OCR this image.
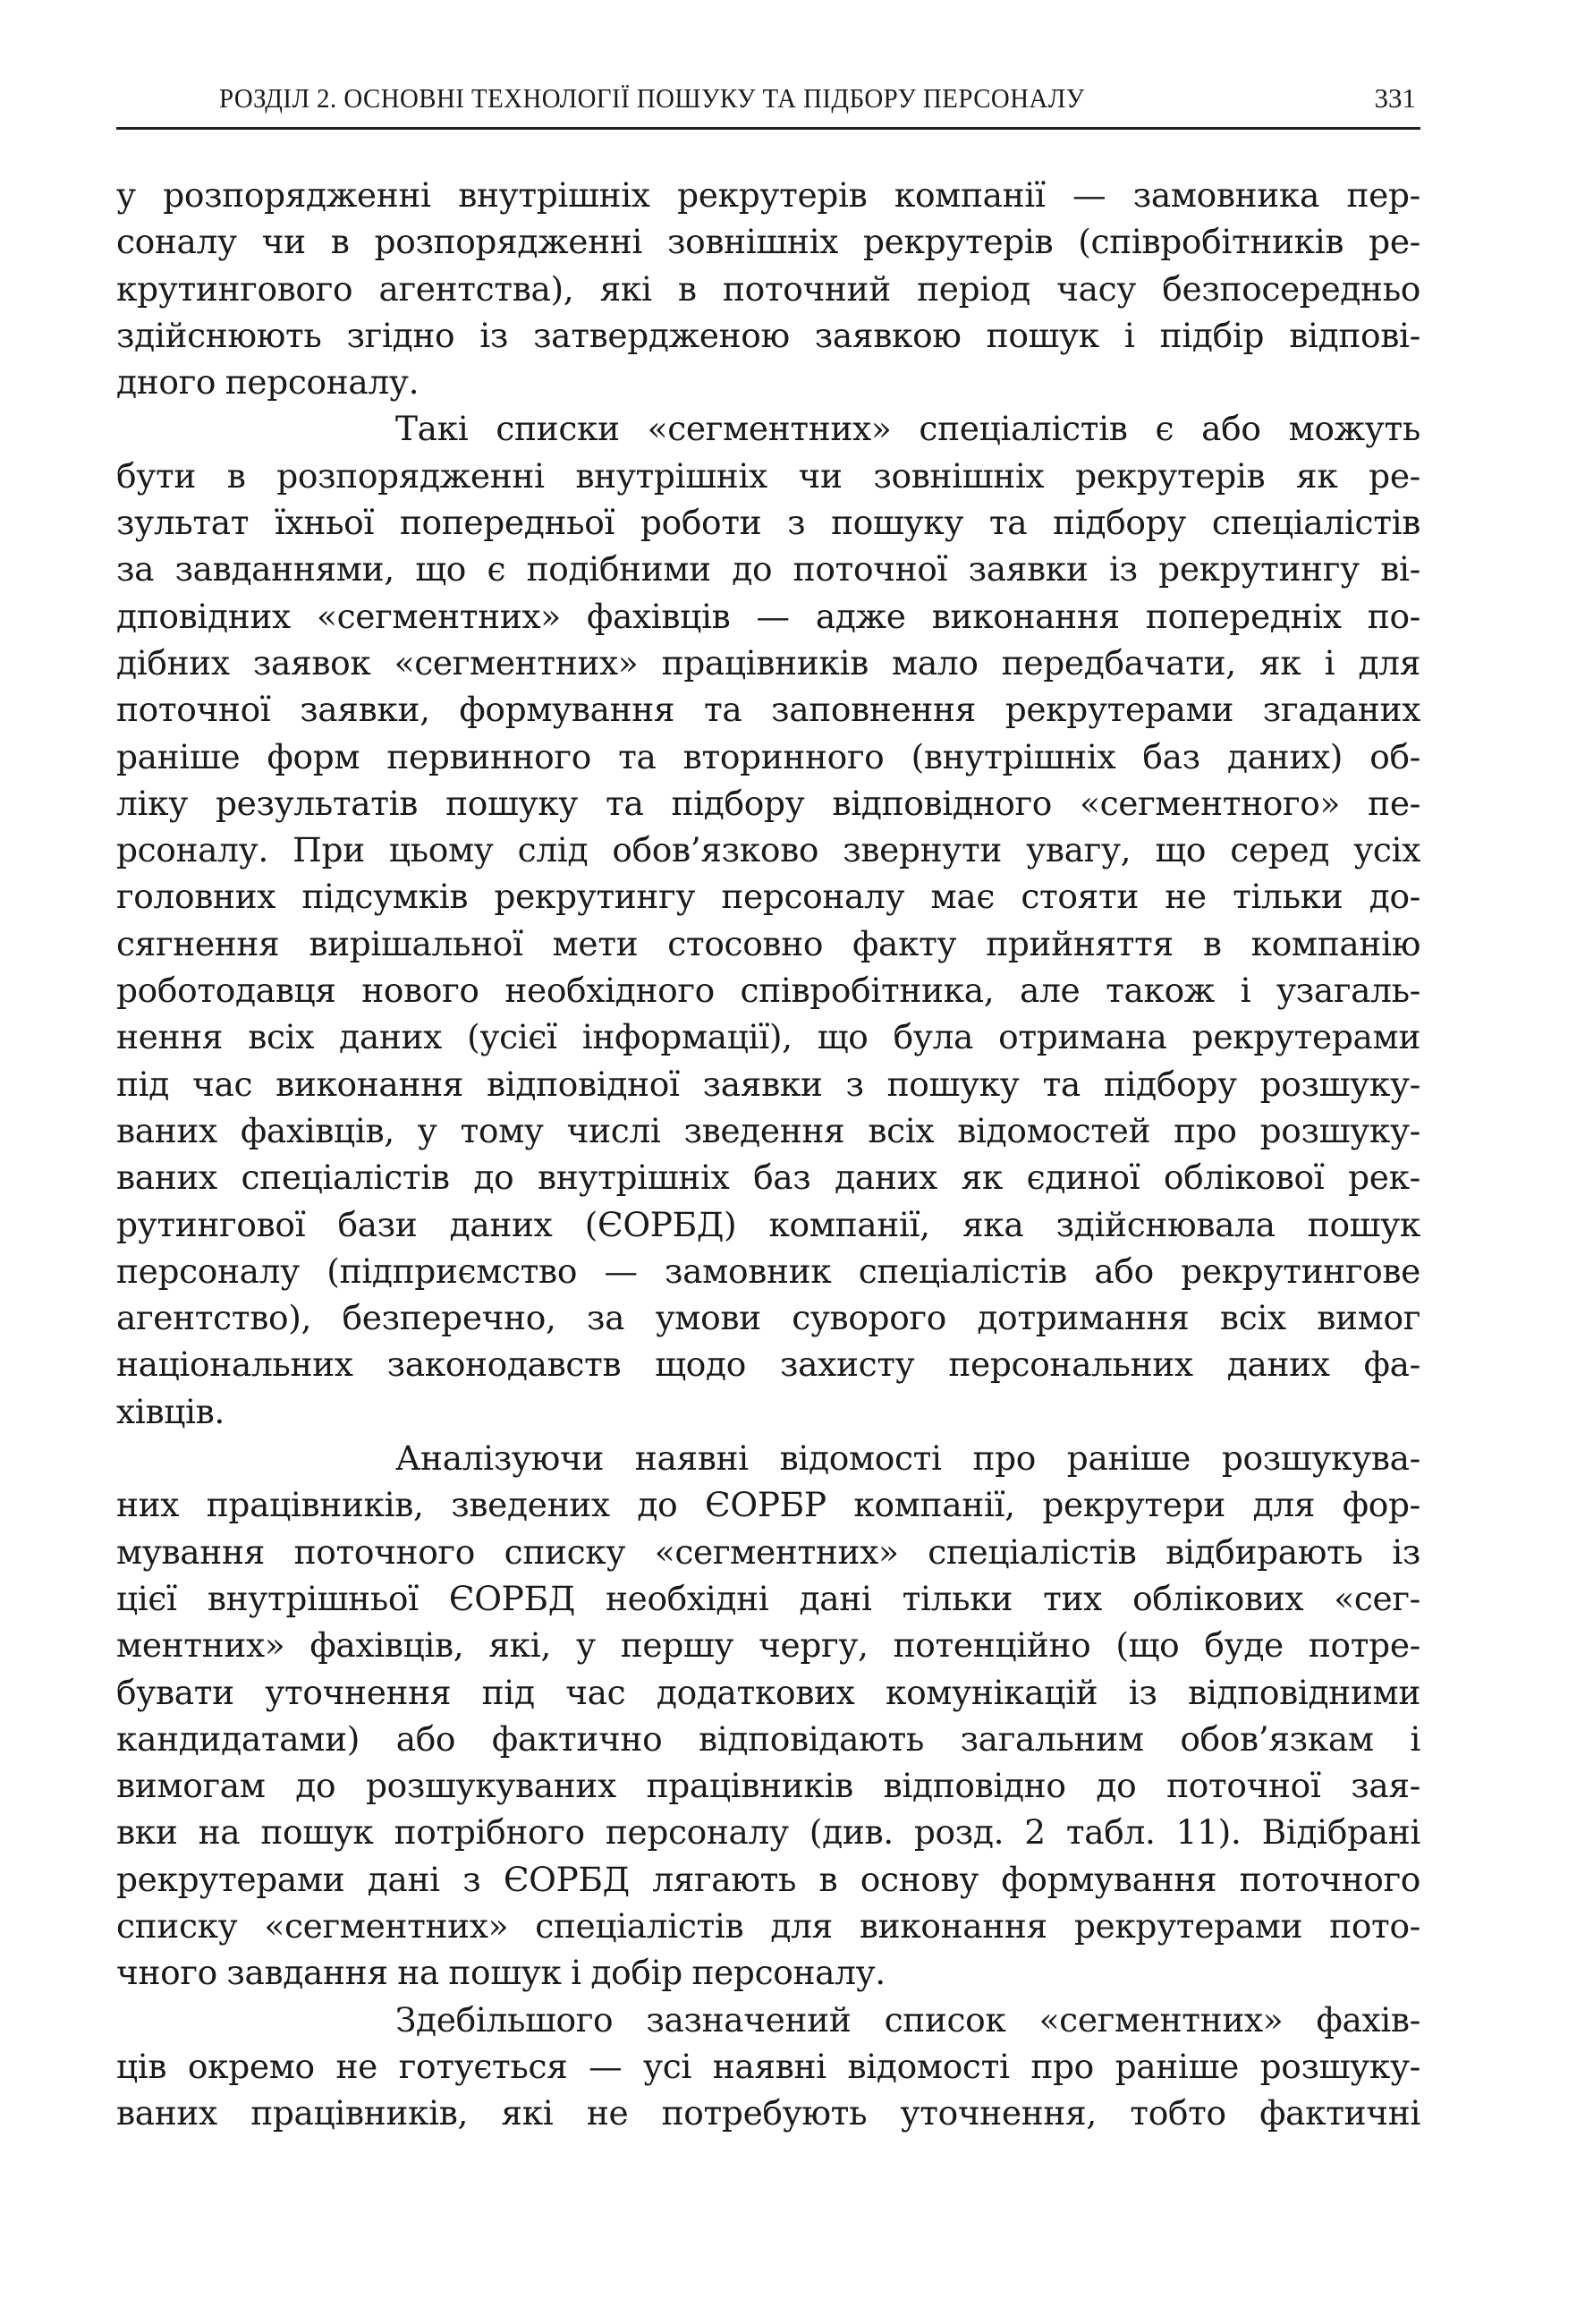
РОЗДІЛ 2. ОСНОВНІ ТЕХНОЛОГІЇ ПОШУКУ ТА ПІДБОРУ ПЕРСОНАЛУ	331
у розпорядженні внутрішніх рекрутерів компанії — замовника пер-
соналу чи в розпорядженні зовнішніх рекрутерів (співробітників ре-
крутингового агентства), які в поточний період часу безпосередньо
здійснюють згідно із затвердженою заявкою пошук і підбір відпові-
дного персоналу.
Такі списки «сегментних» спеціалістів є або можуть
бути в розпорядженні внутрішніх чи зовнішніх рекрутерів як ре-
зультат їхньої попередньої роботи з пошуку та підбору спеціалістів
за завданнями, що є подібними до поточної заявки із рекрутингу ві-
дповідних «сегментних» фахівців — адже виконання попередніх по-
дібних заявок «сегментних» працівників мало передбачати, як і для
поточної заявки, формування та заповнення рекрутерами згаданих
раніше форм первинного та вторинного (внутрішніх баз даних) об-
ліку результатів пошуку та підбору відповідного «сегментного» пе-
рсоналу. При цьому слід обов’язково звернути увагу, що серед усіх
головних підсумків рекрутингу персоналу має стояти не тільки до-
сягнення вирішальної мети стосовно факту прийняття в компанію
роботодавця нового необхідного співробітника, але також і узагаль-
нення всіх даних (усієї інформації), що була отримана рекрутерами
під час виконання відповідної заявки з пошуку та підбору розшуку-
ваних фахівців, у тому числі зведення всіх відомостей про розшуку-
ваних спеціалістів до внутрішніх баз даних як єдиної облікової рек-
рутингової бази даних (ЄОРБД) компанії, яка здійснювала пошук
персоналу (підприємство — замовник спеціалістів або рекрутингове
агентство), безперечно, за умови суворого дотримання всіх вимог
національних законодавств щодо захисту персональних даних фа-
хівців.
Аналізуючи наявні відомості про раніше розшукува-
них працівників, зведених до ЄОРБР компанії, рекрутери для фор-
мування поточного списку «сегментних» спеціалістів відбирають із
цієї внутрішньої ЄОРБД необхідні дані тільки тих облікових «сег-
ментних» фахівців, які, у першу чергу, потенційно (що буде потре-
бувати уточнення під час додаткових комунікацій із відповідними
кандидатами) або фактично відповідають загальним обов’язкам і
вимогам до розшукуваних працівників відповідно до поточної зая-
вки на пошук потрібного персоналу (див. розд. 2 табл. 11). Відібрані
рекрутерами дані з ЄОРБД лягають в основу формування поточного
списку «сегментних» спеціалістів для виконання рекрутерами пото-
чного завдання на пошук і добір персоналу.
Здебільшого зазначений список «сегментних» фахів-
ців окремо не готується — усі наявні відомості про раніше розшуку-
ваних працівників, які не потребують уточнення, тобто фактичні
